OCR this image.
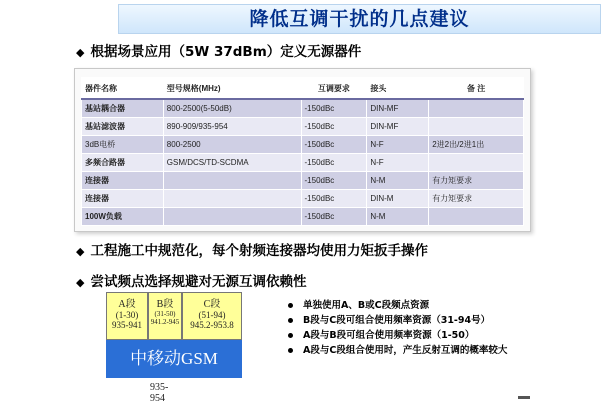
降低互调干扰的几点建议
◆ 根据场景应用（5W 37dBm）定义无源器件
器件名称	型号规格(MHz)	互调要求	接头	备 注
基站耦合器	800-2500(5-50dB)	-150dBc	DIN-MF	
基站滤波器	890-909/935-954	-150dBc	DIN-MF	
3dB电桥	800-2500	-150dBc	N-F	2进2出/2进1出
多频合路器	GSM/DCS/TD-SCDMA	-150dBc	N-F	
连接器		-150dBc	N-M	有力矩要求
连接器		-150dBc	DIN-M	有力矩要求
100W负载		-150dBc	N-M	
◆ 工程施工中规范化，每个射频连接器均使用力矩扳手操作
◆ 尝试频点选择规避对无源互调依赖性
A段
(1-30)
935-941
B段
(31-50)
941.2-945
C段
(51-94)
945.2-953.8
中移动GSM
935-954
单独使用A、B或C段频点资源
B段与C段可组合使用频率资源（31-94号）
A段与B段可组合使用频率资源（1-50）
A段与C段组合使用时，产生反射互调的概率较大
